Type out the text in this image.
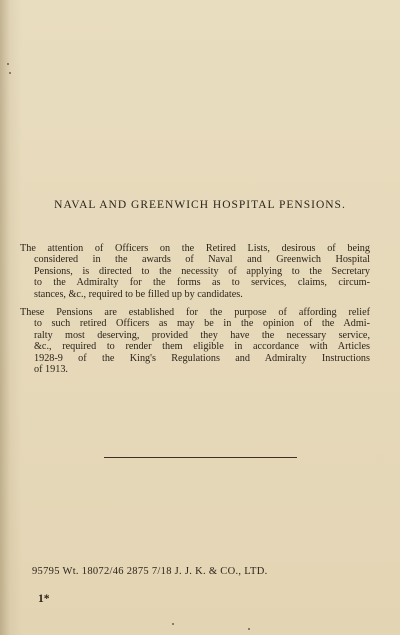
NAVAL AND GREENWICH HOSPITAL PENSIONS.
The attention of Officers on the Retired Lists, desirous of being
considered in the awards of Naval and Greenwich Hospital
Pensions, is directed to the necessity of applying to the Secretary
to the Admiralty for the forms as to services, claims, circum-
stances, &c., required to be filled up by candidates.
These Pensions are established for the purpose of affording relief
to such retired Officers as may be in the opinion of the Admi-
ralty most deserving, provided they have the necessary service,
&c., required to render them eligible in accordance with Articles
1928-9 of the King's Regulations and Admiralty Instructions
of 1913.
95795 Wt. 18072/46 2875 7/18 J. J. K. & CO., LTD.
1*
